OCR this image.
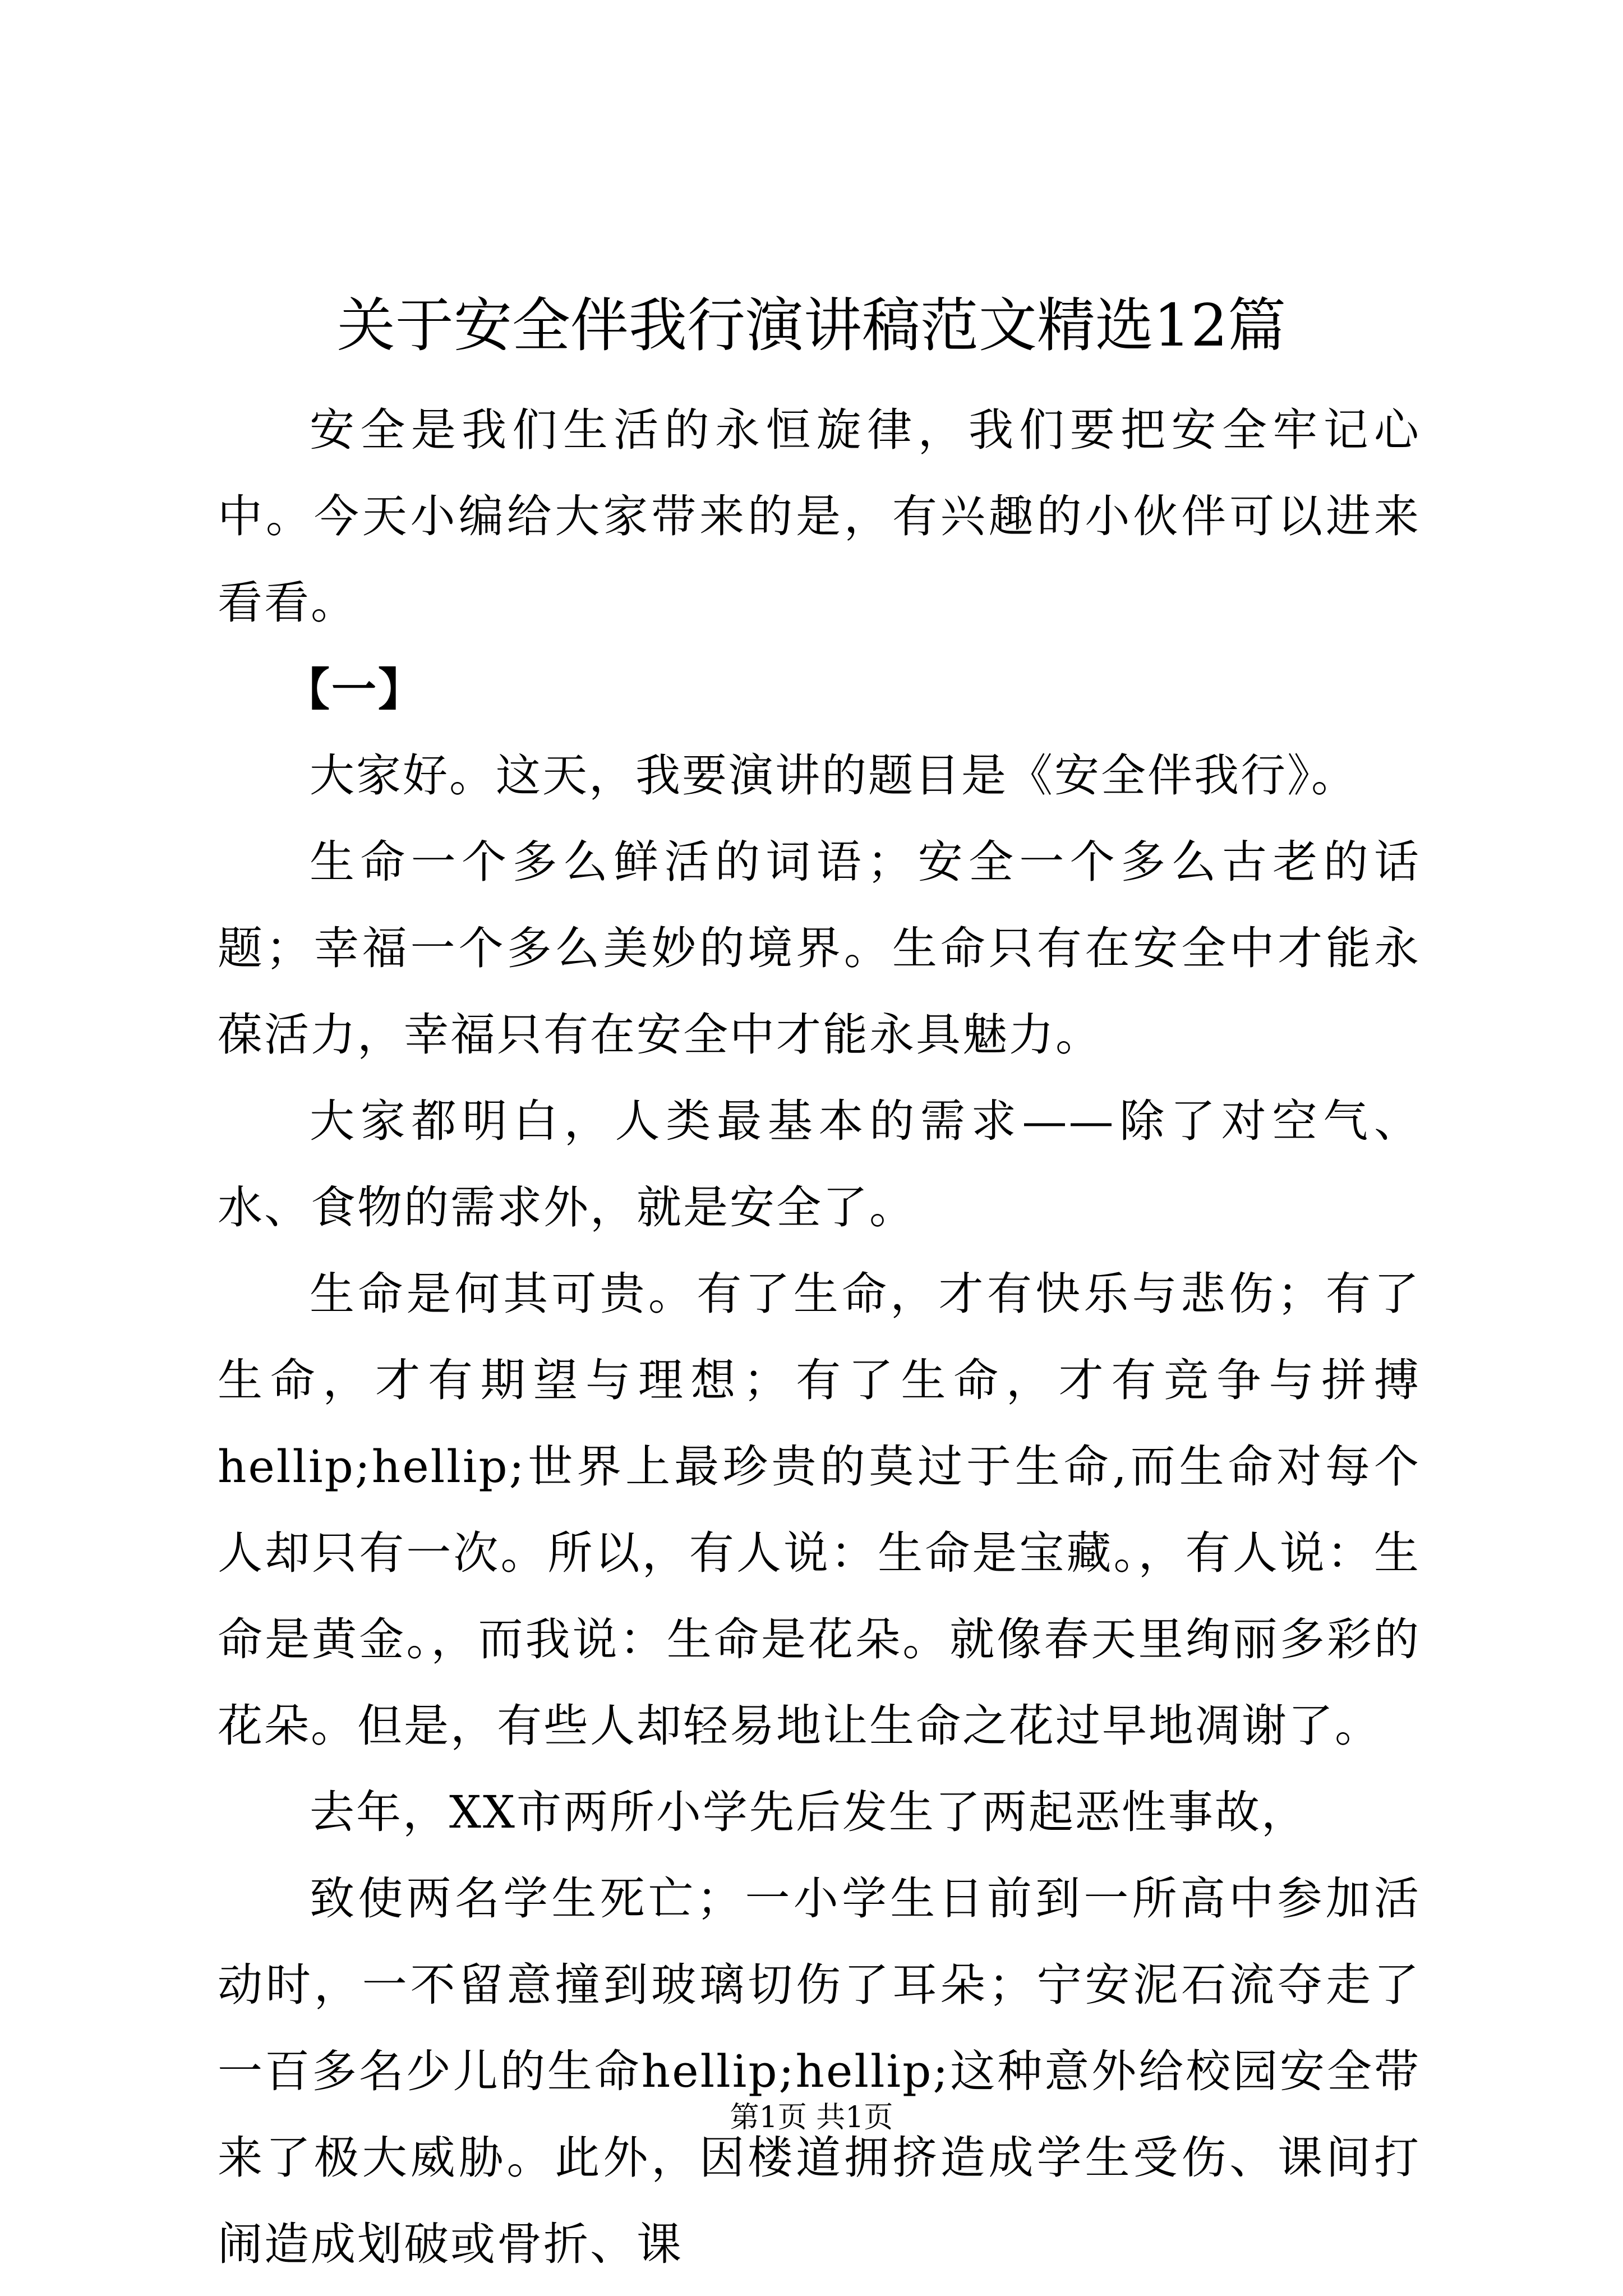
关于安全伴我行演讲稿范文精选12篇

安全是我们生活的永恒旋律，我们要把安全牢记心中。今天小编给大家带来的是，有兴趣的小伙伴可以进来看看。

【一】

大家好。这天，我要演讲的题目是《安全伴我行》。

生命一个多么鲜活的词语；安全一个多么古老的话题；幸福一个多么美妙的境界。生命只有在安全中才能永葆活力，幸福只有在安全中才能永具魅力。

大家都明白，人类最基本的需求——除了对空气、水、食物的需求外，就是安全了。

生命是何其可贵。有了生命，才有快乐与悲伤；有了生命，才有期望与理想；有了生命，才有竞争与拼搏hellip;hellip;世界上最珍贵的莫过于生命,而生命对每个人却只有一次。所以，有人说：生命是宝藏。，有人说：生命是黄金。，而我说：生命是花朵。就像春天里绚丽多彩的花朵。但是，有些人却轻易地让生命之花过早地凋谢了。

去年，XX市两所小学先后发生了两起恶性事故，

致使两名学生死亡；一小学生日前到一所高中参加活动时，一不留意撞到玻璃切伤了耳朵；宁安泥石流夺走了一百多名少儿的生命hellip;hellip;这种意外给校园安全带来了极大威胁。此外，因楼道拥挤造成学生受伤、课间打闹造成划破或骨折、课

第1页 共1页
